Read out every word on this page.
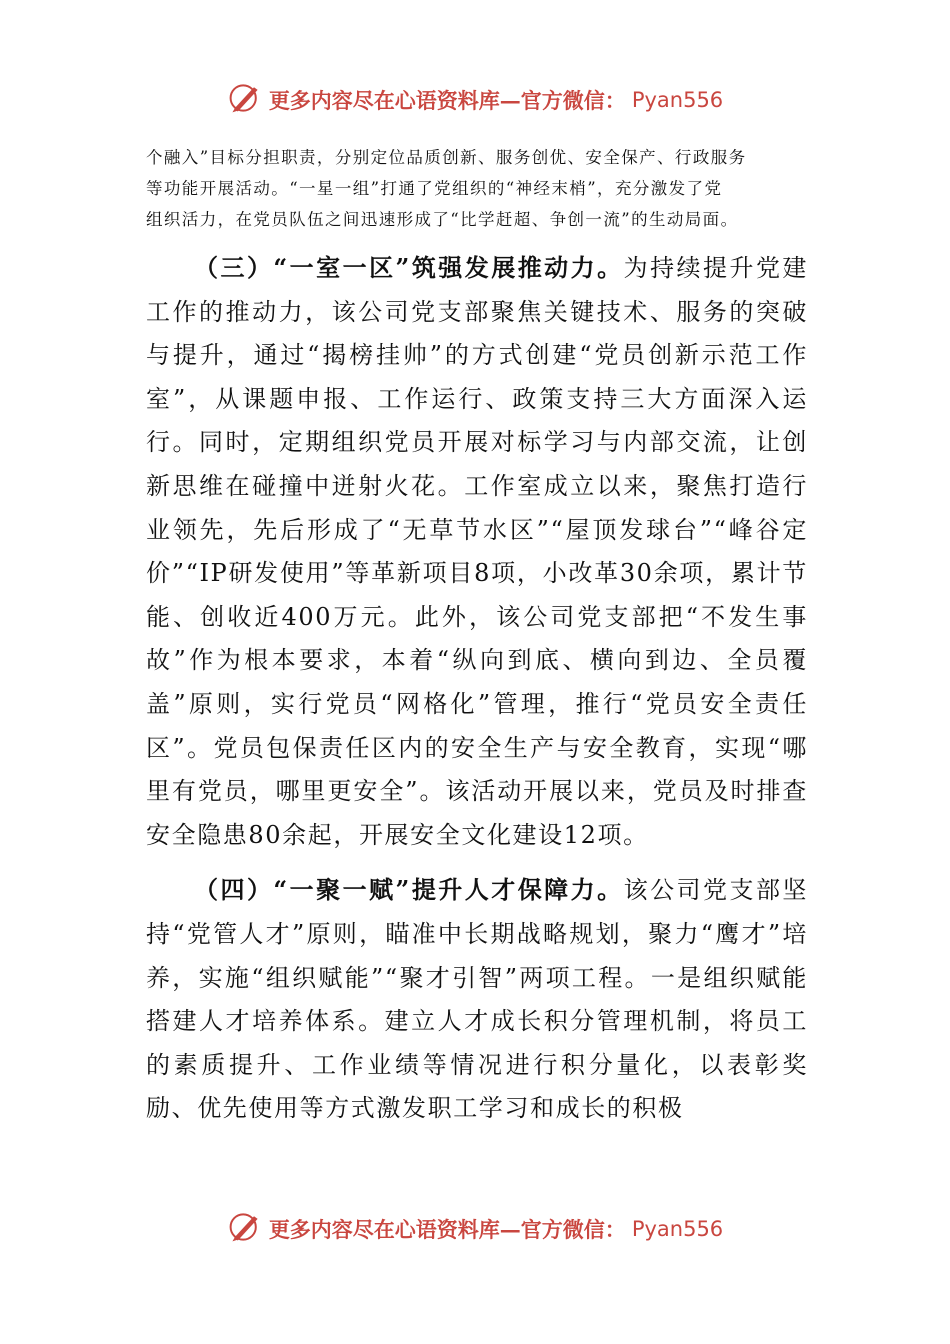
更多内容尽在心语资料库—官方微信： Pyan556

个融入”目标分担职责，分别定位品质创新、服务创优、安全保产、行政服务

等功能开展活动。“一星一组”打通了党组织的“神经末梢”，充分激发了党

组织活力，在党员队伍之间迅速形成了“比学赶超、争创一流”的生动局面。

（三）“一室一区”筑强发展推动力。为持续提升党建工作的推动力，该公司党支部聚焦关键技术、服务的突破与提升，通过“揭榜挂帅”的方式创建“党员创新示范工作室”，从课题申报、工作运行、政策支持三大方面深入运行。同时，定期组织党员开展对标学习与内部交流，让创新思维在碰撞中迸射火花。工作室成立以来，聚焦打造行业领先，先后形成了“无草节水区”“屋顶发球台”“峰谷定价”“IP研发使用”等革新项目8项，小改革30余项，累计节能、创收近400万元。此外，该公司党支部把“不发生事故”作为根本要求，本着“纵向到底、横向到边、全员覆盖”原则，实行党员“网格化”管理，推行“党员安全责任区”。党员包保责任区内的安全生产与安全教育，实现“哪里有党员，哪里更安全”。该活动开展以来，党员及时排查安全隐患80余起，开展安全文化建设12项。

（四）“一聚一赋”提升人才保障力。该公司党支部坚持“党管人才”原则，瞄准中长期战略规划，聚力“鹰才”培养，实施“组织赋能”“聚才引智”两项工程。一是组织赋能搭建人才培养体系。建立人才成长积分管理机制，将员工的素质提升、工作业绩等情况进行积分量化，以表彰奖励、优先使用等方式激发职工学习和成长的积极

更多内容尽在心语资料库—官方微信： Pyan556
